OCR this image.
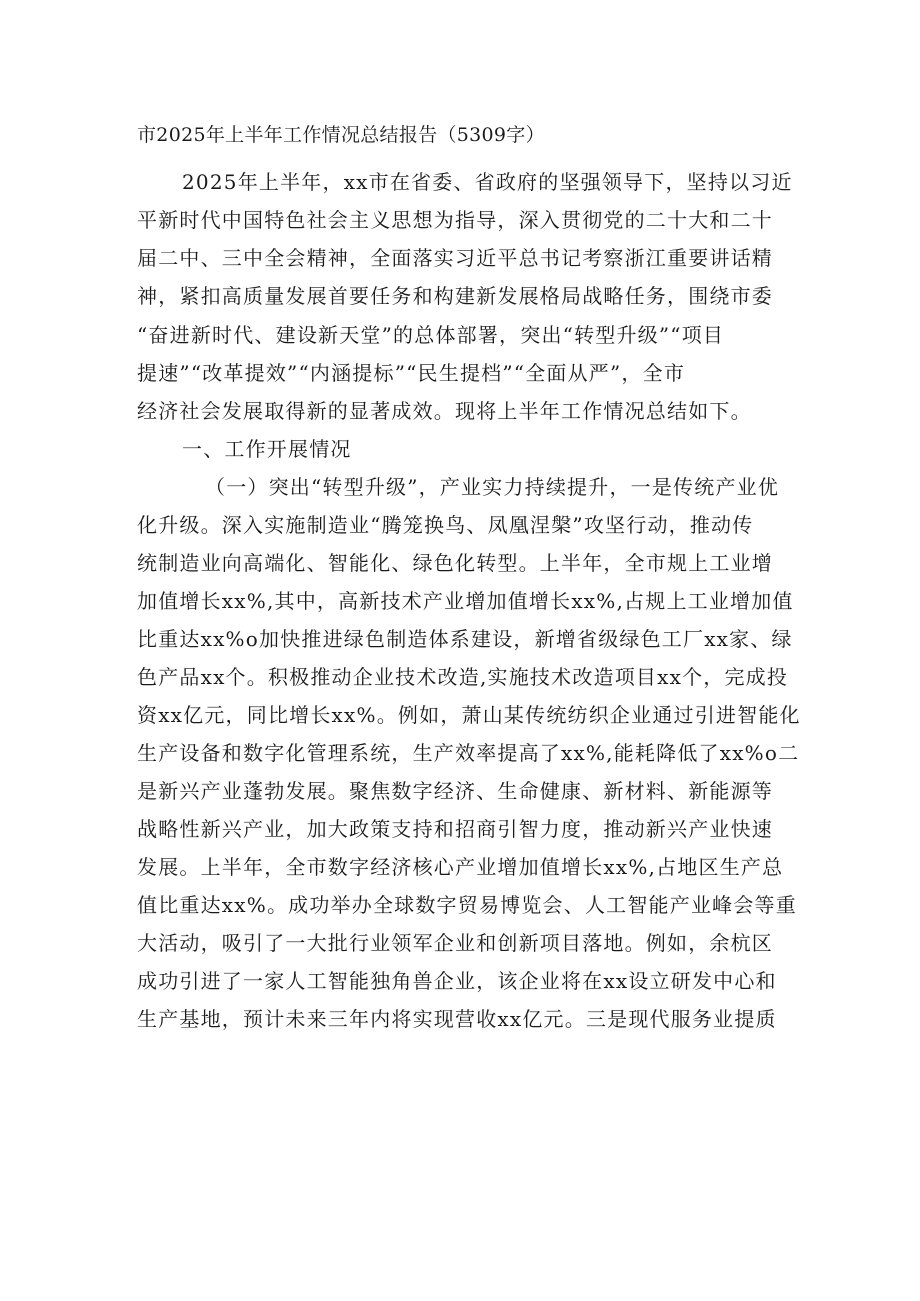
市2025年上半年工作情况总结报告（5309字）
2025年上半年，xx市在省委、省政府的坚强领导下，坚持以习近
平新时代中国特色社会主义思想为指导，深入贯彻党的二十大和二十
届二中、三中全会精神，全面落实习近平总书记考察浙江重要讲话精
神，紧扣高质量发展首要任务和构建新发展格局战略任务，围绕市委
“奋进新时代、建设新天堂”的总体部署，突出“转型升级”“项目
提速”“改革提效”“内涵提标”“民生提档”“全面从严”，全市
经济社会发展取得新的显著成效。现将上半年工作情况总结如下。
一、工作开展情况
（一）突出“转型升级”，产业实力持续提升，一是传统产业优
化升级。深入实施制造业“腾笼换鸟、凤凰涅槃”攻坚行动，推动传
统制造业向高端化、智能化、绿色化转型。上半年，全市规上工业增
加值增长xx%,其中，高新技术产业增加值增长xx%,占规上工业增加值
比重达xx%o加快推进绿色制造体系建设，新增省级绿色工厂xx家、绿
色产品xx个。积极推动企业技术改造,实施技术改造项目xx个，完成投
资xx亿元，同比增长xx%。例如，萧山某传统纺织企业通过引进智能化
生产设备和数字化管理系统，生产效率提高了xx%,能耗降低了xx%o二
是新兴产业蓬勃发展。聚焦数字经济、生命健康、新材料、新能源等
战略性新兴产业，加大政策支持和招商引智力度，推动新兴产业快速
发展。上半年，全市数字经济核心产业增加值增长xx%,占地区生产总
值比重达xx%。成功举办全球数字贸易博览会、人工智能产业峰会等重
大活动，吸引了一大批行业领军企业和创新项目落地。例如，余杭区
成功引进了一家人工智能独角兽企业，该企业将在xx设立研发中心和
生产基地，预计未来三年内将实现营收xx亿元。三是现代服务业提质
